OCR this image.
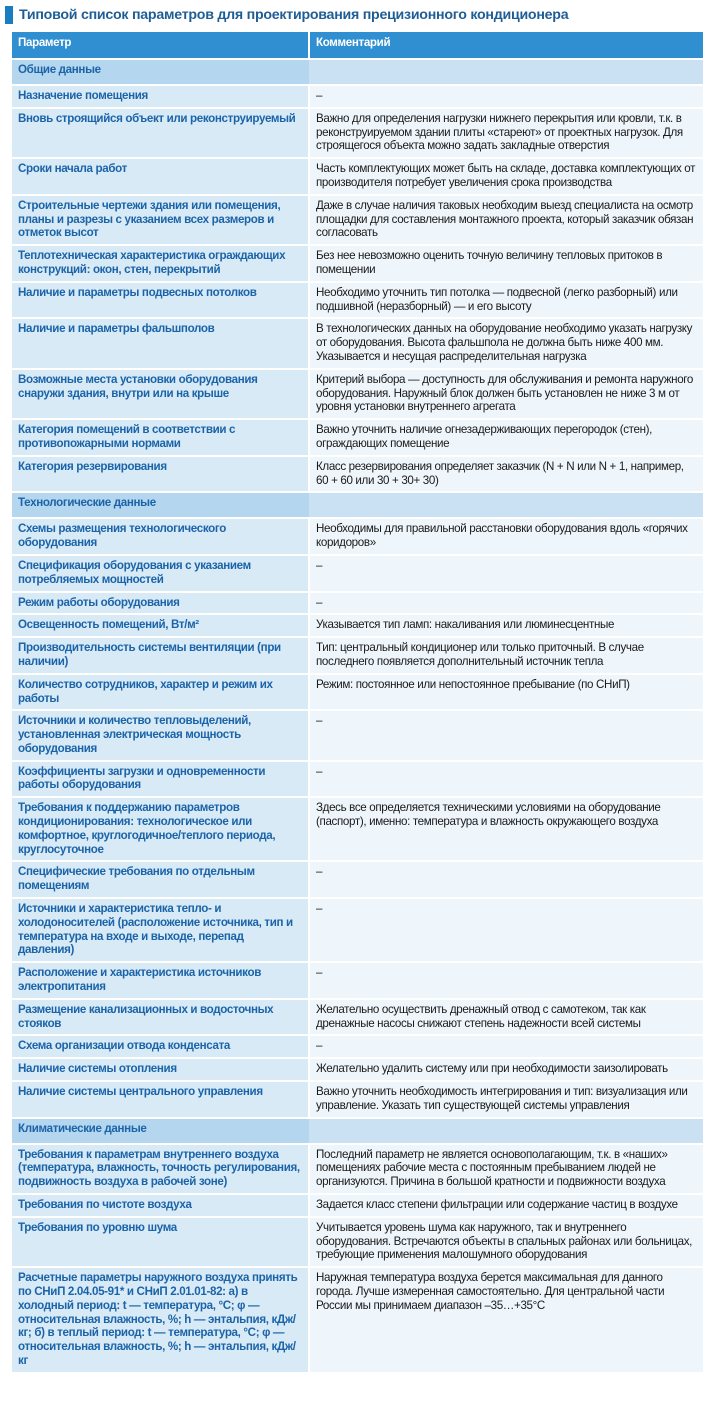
Типовой список параметров для проектирования прецизионного кондиционера
Параметр	Комментарий
Общие данные	
Назначение помещения	–
Вновь строящийся объект или реконструируемый	Важно для определения нагрузки нижнего перекрытия или кровли, т.к. в реконструируемом здании плиты «стареют» от проектных нагрузок. Для строящегося объекта можно задать закладные отверстия
Сроки начала работ	Часть комплектующих может быть на складе, доставка комплектующих от производителя потребует увеличения срока производства
Строительные чертежи здания или помещения, планы и разрезы с указанием всех размеров и отметок высот	Даже в случае наличия таковых необходим выезд специалиста на осмотр площадки для составления монтажного проекта, который заказчик обязан согласовать
Теплотехническая характеристика ограждающих конструкций: окон, стен, перекрытий	Без нее невозможно оценить точную величину тепловых притоков в помещении
Наличие и параметры подвесных потолков	Необходимо уточнить тип потолка — подвесной (легко разборный) или подшивной (неразборный) — и его высоту
Наличие и параметры фальшполов	В технологических данных на оборудование необходимо указать нагрузку от оборудования. Высота фальшпола не должна быть ниже 400 мм. Указывается и несущая распределительная нагрузка
Возможные места установки оборудования снаружи здания, внутри или на крыше	Критерий выбора — доступность для обслуживания и ремонта наружного оборудования. Наружный блок должен быть установлен не ниже 3 м от уровня установки внутреннего агрегата
Категория помещений в соответствии с противопожарными нормами	Важно уточнить наличие огнезадерживающих перегородок (стен), ограждающих помещение
Категория резервирования	Класс резервирования определяет заказчик (N + N или N + 1, например, 60 + 60 или 30 + 30+ 30)
Технологические данные	
Схемы размещения технологического оборудования	Необходимы для правильной расстановки оборудования вдоль «горячих коридоров»
Спецификация оборудования с указанием потребляемых мощностей	–
Режим работы оборудования	–
Освещенность помещений, Вт/м²	Указывается тип ламп: накаливания или люминесцентные
Производительность системы вентиляции (при наличии)	Тип: центральный кондиционер или только приточный. В случае последнего появляется дополнительный источник тепла
Количество сотрудников, характер и режим их работы	Режим: постоянное или непостоянное пребывание (по СНиП)
Источники и количество тепловыделений, установленная электрическая мощность оборудования	–
Коэффициенты загрузки и одновременности работы оборудования	–
Требования к поддержанию параметров кондиционирования: технологическое или комфортное, круглогодичное/теплого периода, круглосуточное	Здесь все определяется техническими условиями на оборудование (паспорт), именно: температура и влажность окружающего воздуха
Специфические требования по отдельным помещениям	–
Источники и характеристика тепло- и холодоносителей (расположение источника, тип и температура на входе и выходе, перепад давления)	–
Расположение и характеристика источников электропитания	–
Размещение канализационных и водосточных стояков	Желательно осуществить дренажный отвод с самотеком, так как дренажные насосы снижают степень надежности всей системы
Схема организации отвода конденсата	–
Наличие системы отопления	Желательно удалить систему или при необходимости заизолировать
Наличие системы центрального управления	Важно уточнить необходимость интегрирования и тип: визуализация или управление. Указать тип существующей системы управления
Климатические данные	
Требования к параметрам внутреннего воздуха (температура, влажность, точность регулирования, подвижность воздуха в рабочей зоне)	Последний параметр не является основополагающим, т.к. в «наших» помещениях рабочие места с постоянным пребыванием людей не организуются. Причина в большой кратности и подвижности воздуха
Требования по чистоте воздуха	Задается класс степени фильтрации или содержание частиц в воздухе
Требования по уровню шума	Учитывается уровень шума как наружного, так и внутреннего оборудования. Встречаются объекты в спальных районах или больницах, требующие применения малошумного оборудования
Расчетные параметры наружного воздуха принять по СНиП 2.04.05-91* и СНиП 2.01.01-82: а) в холодный период: t — температура, °С; φ — относительная влажность, %; h — энтальпия, кДж/кг; б) в теплый период: t — температура, °С; φ — относительная влажность, %; h — энтальпия, кДж/кг	Наружная температура воздуха берется максимальная для данного города. Лучше измеренная самостоятельно. Для центральной части России мы принимаем диапазон –35…+35°С
